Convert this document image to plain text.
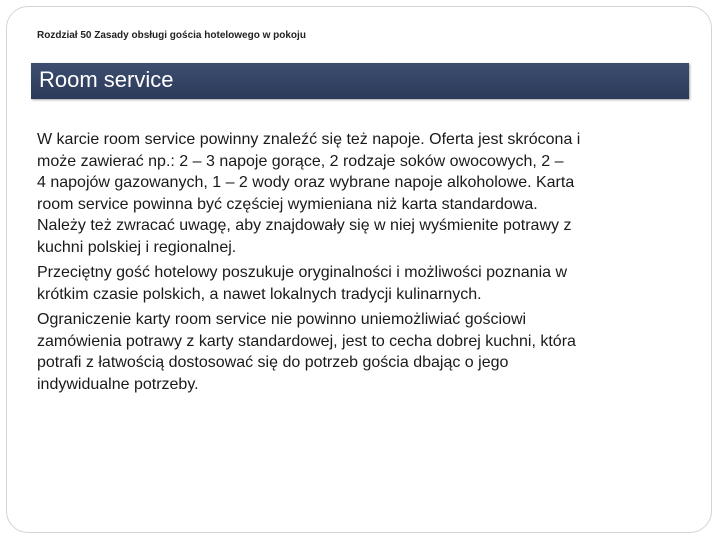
Rozdział 50 Zasady obsługi gościa hotelowego w pokoju
Room service

W karcie room service powinny znaleźć się też napoje. Oferta jest skrócona i
może zawierać np.: 2 – 3 napoje gorące, 2 rodzaje soków owocowych, 2 –
4 napojów gazowanych, 1 – 2 wody oraz wybrane napoje alkoholowe. Karta
room service powinna być częściej wymieniana niż karta standardowa.
Należy też zwracać uwagę, aby znajdowały się w niej wyśmienite potrawy z
kuchni polskiej i regionalnej.

Przeciętny gość hotelowy poszukuje oryginalności i możliwości poznania w
krótkim czasie polskich, a nawet lokalnych tradycji kulinarnych.

Ograniczenie karty room service nie powinno uniemożliwiać gościowi
zamówienia potrawy z karty standardowej, jest to cecha dobrej kuchni, która
potrafi z łatwością dostosować się do potrzeb gościa dbając o jego
indywidualne potrzeby.
